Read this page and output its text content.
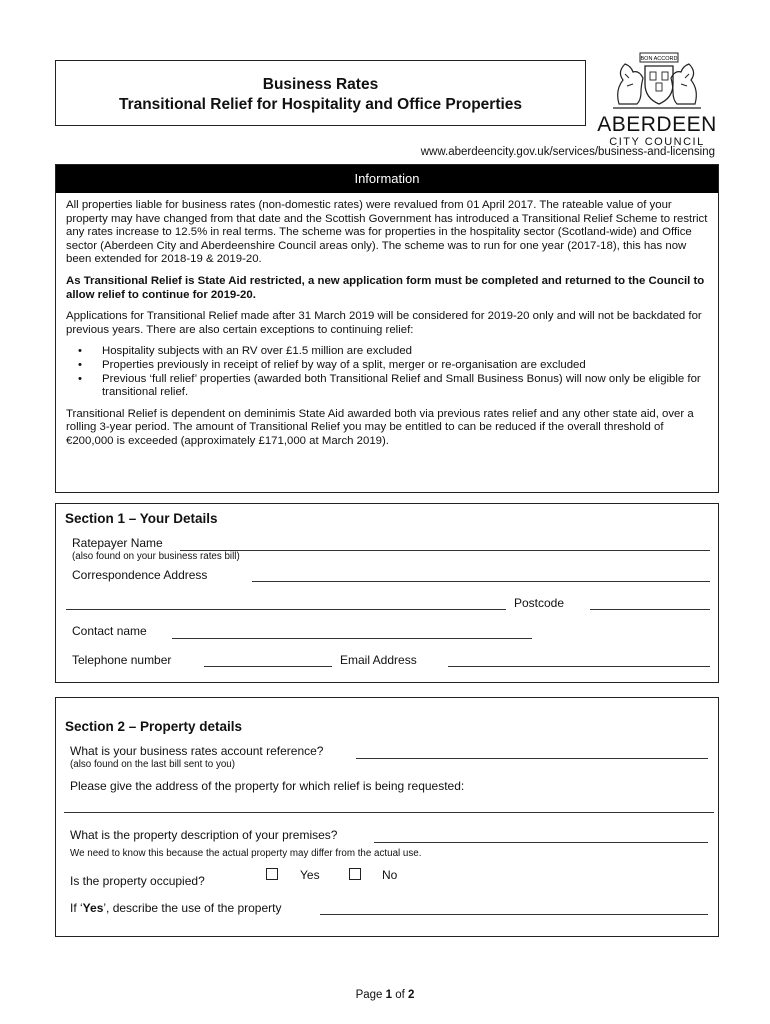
Business Rates
Transitional Relief for Hospitality and Office Properties
BON ACCORD
ABERDEEN
CITY COUNCIL
www.aberdeencity.gov.uk/services/business-and-licensing
Information

All properties liable for business rates (non-domestic rates) were revalued from 01 April 2017. The rateable value of your property may have changed from that date and the Scottish Government has introduced a Transitional Relief Scheme to restrict any rates increase to 12.5% in real terms. The scheme was for properties in the hospitality sector (Scotland-wide) and Office sector (Aberdeen City and Aberdeenshire Council areas only). The scheme was to run for one year (2017-18), this has now been extended for 2018-19 & 2019-20.

As Transitional Relief is State Aid restricted, a new application form must be completed and returned to the Council to allow relief to continue for 2019-20.

Applications for Transitional Relief made after 31 March 2019 will be considered for 2019-20 only and will not be backdated for previous years. There are also certain exceptions to continuing relief:

• Hospitality subjects with an RV over £1.5 million are excluded
• Properties previously in receipt of relief by way of a split, merger or re-organisation are excluded
• Previous ‘full relief’ properties (awarded both Transitional Relief and Small Business Bonus) will now only be eligible for transitional relief.

Transitional Relief is dependent on deminimis State Aid awarded both via previous rates relief and any other state aid, over a rolling 3-year period. The amount of Transitional Relief you may be entitled to can be reduced if the overall threshold of €200,000 is exceeded (approximately £171,000 at March 2019).

Section 1 – Your Details
Ratepayer Name
(also found on your business rates bill)
Correspondence Address
Postcode
Contact name
Telephone number	Email Address
Section 2 – Property details
What is your business rates account reference?
(also found on the last bill sent to you)
Please give the address of the property for which relief is being requested:
What is the property description of your premises?
We need to know this because the actual property may differ from the actual use.
Is the property occupied?	Yes	No
If ‘Yes’, describe the use of the property
Page 1 of 2
